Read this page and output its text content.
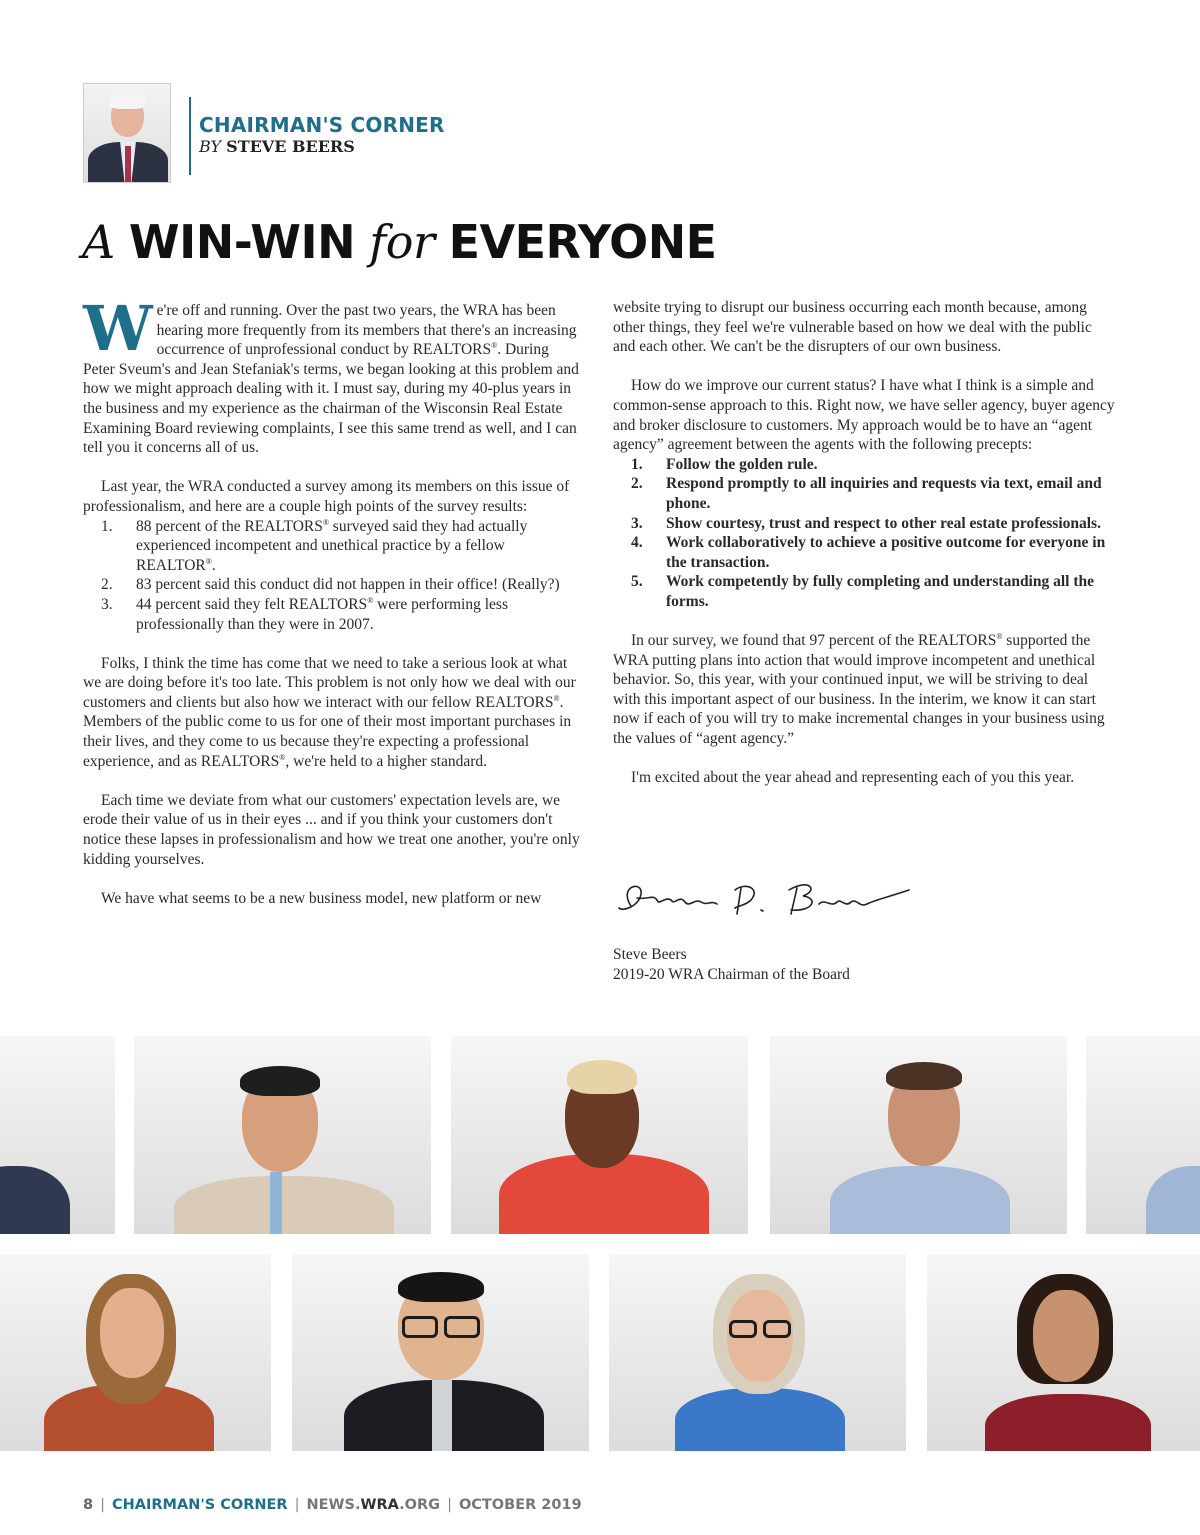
CHAIRMAN'S CORNER
BY STEVE BEERS
A WIN-WIN for EVERYONE

We're off and running. Over the past two years, the WRA has been hearing more frequently from its members that there's an increasing occurrence of unprofessional conduct by REALTORS®. During Peter Sveum's and Jean Stefaniak's terms, we began looking at this problem and how we might approach dealing with it. I must say, during my 40-plus years in the business and my experience as the chairman of the Wisconsin Real Estate Examining Board reviewing complaints, I see this same trend as well, and I can tell you it concerns all of us.

Last year, the WRA conducted a survey among its members on this issue of professionalism, and here are a couple high points of the survey results:

1. 88 percent of the REALTORS® surveyed said they had actually experienced incompetent and unethical practice by a fellow REALTOR®.
2. 83 percent said this conduct did not happen in their office! (Really?)
3. 44 percent said they felt REALTORS® were performing less professionally than they were in 2007.

Folks, I think the time has come that we need to take a serious look at what we are doing before it's too late. This problem is not only how we deal with our customers and clients but also how we interact with our fellow REALTORS®. Members of the public come to us for one of their most important purchases in their lives, and they come to us because they're expecting a professional experience, and as REALTORS®, we're held to a higher standard.

Each time we deviate from what our customers' expectation levels are, we erode their value of us in their eyes ... and if you think your customers don't notice these lapses in professionalism and how we treat one another, you're only kidding yourselves.

We have what seems to be a new business model, new platform or new

website trying to disrupt our business occurring each month because, among other things, they feel we're vulnerable based on how we deal with the public and each other. We can't be the disrupters of our own business.

How do we improve our current status? I have what I think is a simple and common-sense approach to this. Right now, we have seller agency, buyer agency and broker disclosure to customers. My approach would be to have an “agent agency” agreement between the agents with the following precepts:

1. Follow the golden rule.
2. Respond promptly to all inquiries and requests via text, email and phone.
3. Show courtesy, trust and respect to other real estate professionals.
4. Work collaboratively to achieve a positive outcome for everyone in the transaction.
5. Work competently by fully completing and understanding all the forms.

In our survey, we found that 97 percent of the REALTORS® supported the WRA putting plans into action that would improve incompetent and unethical behavior. So, this year, with your continued input, we will be striving to deal with this important aspect of our business. In the interim, we know it can start now if each of you will try to make incremental changes in your business using the values of “agent agency.”

I'm excited about the year ahead and representing each of you this year.

Steve Beers
2019-20 WRA Chairman of the Board
8 | CHAIRMAN'S CORNER | NEWS.WRA.ORG | OCTOBER 2019
